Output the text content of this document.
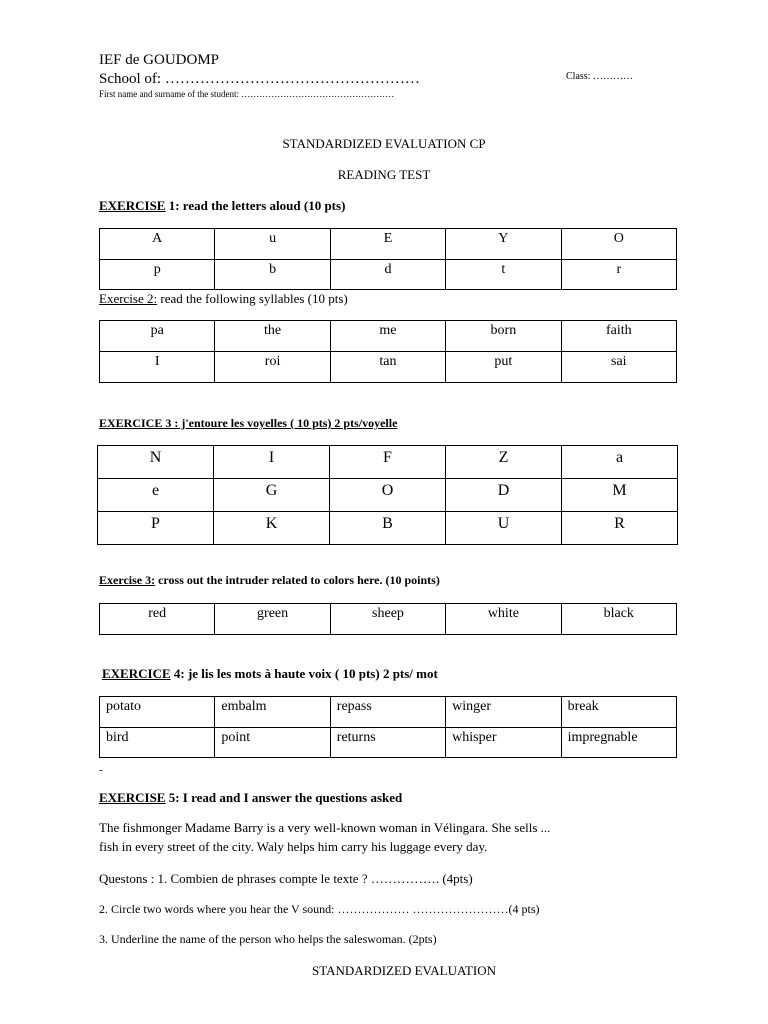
IEF de GOUDOMP
School of: ……………………………………………
First name and surname of the student: ……………………………………………
Class: …………
STANDARDIZED EVALUATION CP
READING TEST
EXERCISE 1: read the letters aloud (10 pts)
A	u	E	Y	O
p	b	d	t	r
Exercise 2: read the following syllables (10 pts)
pa	the	me	born	faith
I	roi	tan	put	sai
EXERCICE 3 : j'entoure les voyelles ( 10 pts) 2 pts/voyelle
N	I	F	Z	a
e	G	O	D	M
P	K	B	U	R
Exercise 3: cross out the intruder related to colors here. (10 points)
red	green	sheep	white	black
EXERCICE 4: je lis les mots à haute voix ( 10 pts) 2 pts/ mot
potato	embalm	repass	winger	break
bird	point	returns	whisper	impregnable
-
EXERCISE 5: I read and I answer the questions asked
The fishmonger Madame Barry is a very well-known woman in Vélingara. She sells ...
fish in every street of the city. Waly helps him carry his luggage every day.
Questons : 1. Combien de phrases compte le texte ? ……………. (4pts)
2. Circle two words where you hear the V sound: ……………… ……………………(4 pts)
3. Underline the name of the person who helps the saleswoman. (2pts)
STANDARDIZED EVALUATION
